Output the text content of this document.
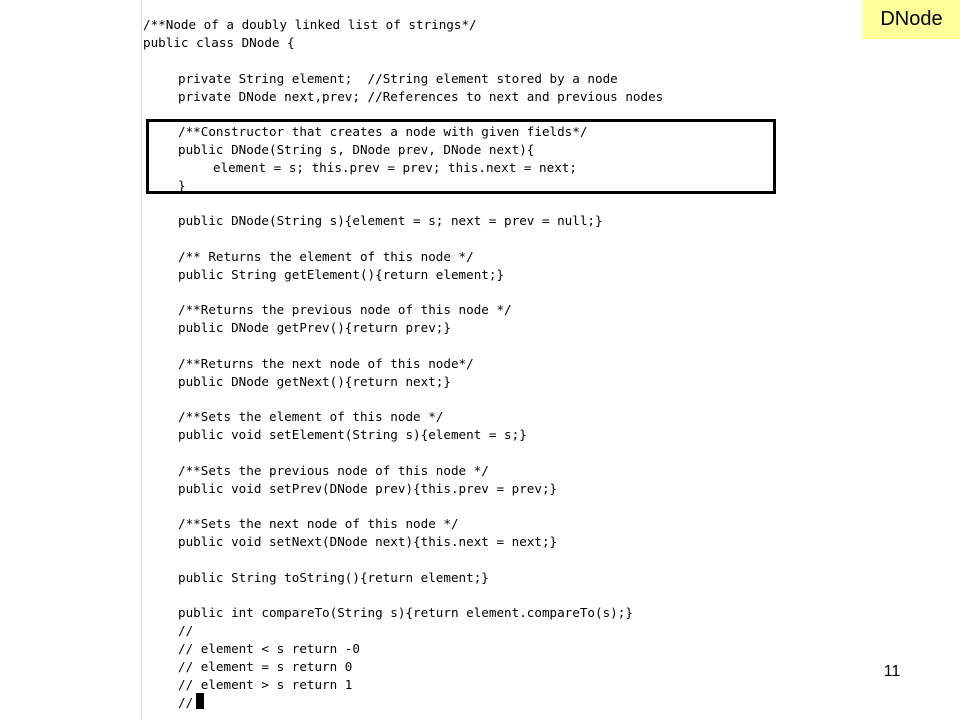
/**Node of a doubly linked list of strings*/

public class DNode {

private String element;  //String element stored by a node

private DNode next,prev; //References to next and previous nodes

/**Constructor that creates a node with given fields*/

public DNode(String s, DNode prev, DNode next){

element = s; this.prev = prev; this.next = next;

}

public DNode(String s){element = s; next = prev = null;}

/** Returns the element of this node */

public String getElement(){return element;}

/**Returns the previous node of this node */

public DNode getPrev(){return prev;}

/**Returns the next node of this node*/

public DNode getNext(){return next;}

/**Sets the element of this node */

public void setElement(String s){element = s;}

/**Sets the previous node of this node */

public void setPrev(DNode prev){this.prev = prev;}

/**Sets the next node of this node */

public void setNext(DNode next){this.next = next;}

public String toString(){return element;}

public int compareTo(String s){return element.compareTo(s);}

//

// element < s return -0

// element = s return 0

// element > s return 1

//

DNode
11
